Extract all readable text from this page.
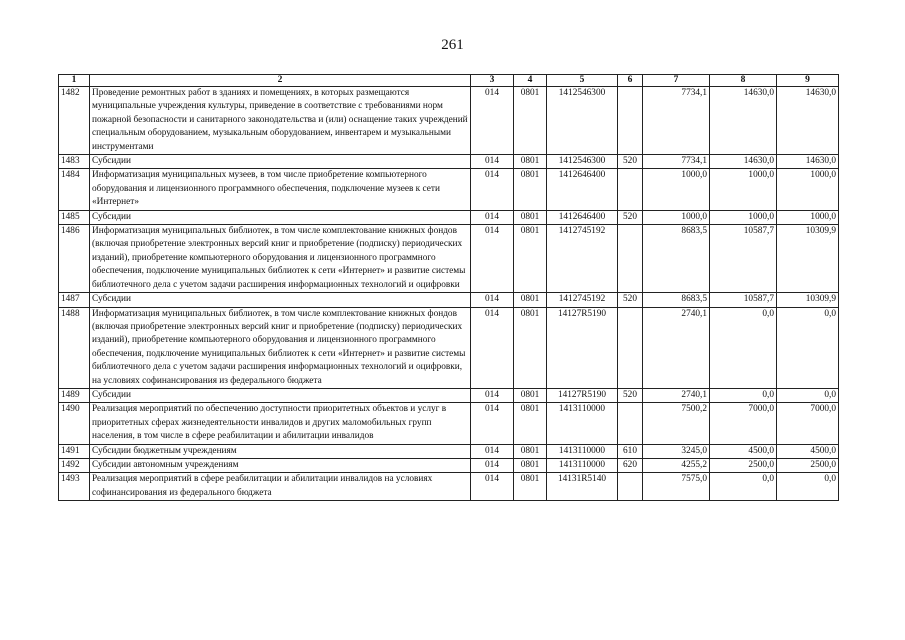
261
1	2	3	4	5	6	7	8	9
1482	Проведение ремонтных работ в зданиях и помещениях, в которых размещаются муниципальные учреждения культуры, приведение в соответствие с требованиями норм пожарной безопасности и санитарного законодательства и (или) оснащение таких учреждений специальным оборудованием, музыкальным оборудованием, инвентарем и музыкальными инструментами	014	0801	1412546300		7734,1	14630,0	14630,0
1483	Субсидии	014	0801	1412546300	520	7734,1	14630,0	14630,0
1484	Информатизация муниципальных музеев, в том числе приобретение компьютерного оборудования и лицензионного программного обеспечения, подключение музеев к сети «Интернет»	014	0801	1412646400		1000,0	1000,0	1000,0
1485	Субсидии	014	0801	1412646400	520	1000,0	1000,0	1000,0
1486	Информатизация муниципальных библиотек, в том числе комплектование книжных фондов (включая приобретение электронных версий книг и приобретение (подписку) периодических изданий), приобретение компьютерного оборудования и лицензионного программного обеспечения, подключение муниципальных библиотек к сети «Интернет» и развитие системы библиотечного дела с учетом задачи расширения информационных технологий и оцифровки	014	0801	1412745192		8683,5	10587,7	10309,9
1487	Субсидии	014	0801	1412745192	520	8683,5	10587,7	10309,9
1488	Информатизация муниципальных библиотек, в том числе комплектование книжных фондов (включая приобретение электронных версий книг и приобретение (подписку) периодических изданий), приобретение компьютерного оборудования и лицензионного программного обеспечения, подключение муниципальных библиотек к сети «Интернет» и развитие системы библиотечного дела с учетом задачи расширения информационных технологий и оцифровки, на условиях софинансирования из федерального бюджета	014	0801	14127R5190		2740,1	0,0	0,0
1489	Субсидии	014	0801	14127R5190	520	2740,1	0,0	0,0
1490	Реализация мероприятий по обеспечению доступности приоритетных объектов и услуг в приоритетных сферах жизнедеятельности инвалидов и других маломобильных групп населения, в том числе в сфере реабилитации и абилитации инвалидов	014	0801	1413110000		7500,2	7000,0	7000,0
1491	Субсидии бюджетным учреждениям	014	0801	1413110000	610	3245,0	4500,0	4500,0
1492	Субсидии автономным учреждениям	014	0801	1413110000	620	4255,2	2500,0	2500,0
1493	Реализация мероприятий в сфере реабилитации и абилитации инвалидов на условиях софинансирования из федерального бюджета	014	0801	14131R5140		7575,0	0,0	0,0
